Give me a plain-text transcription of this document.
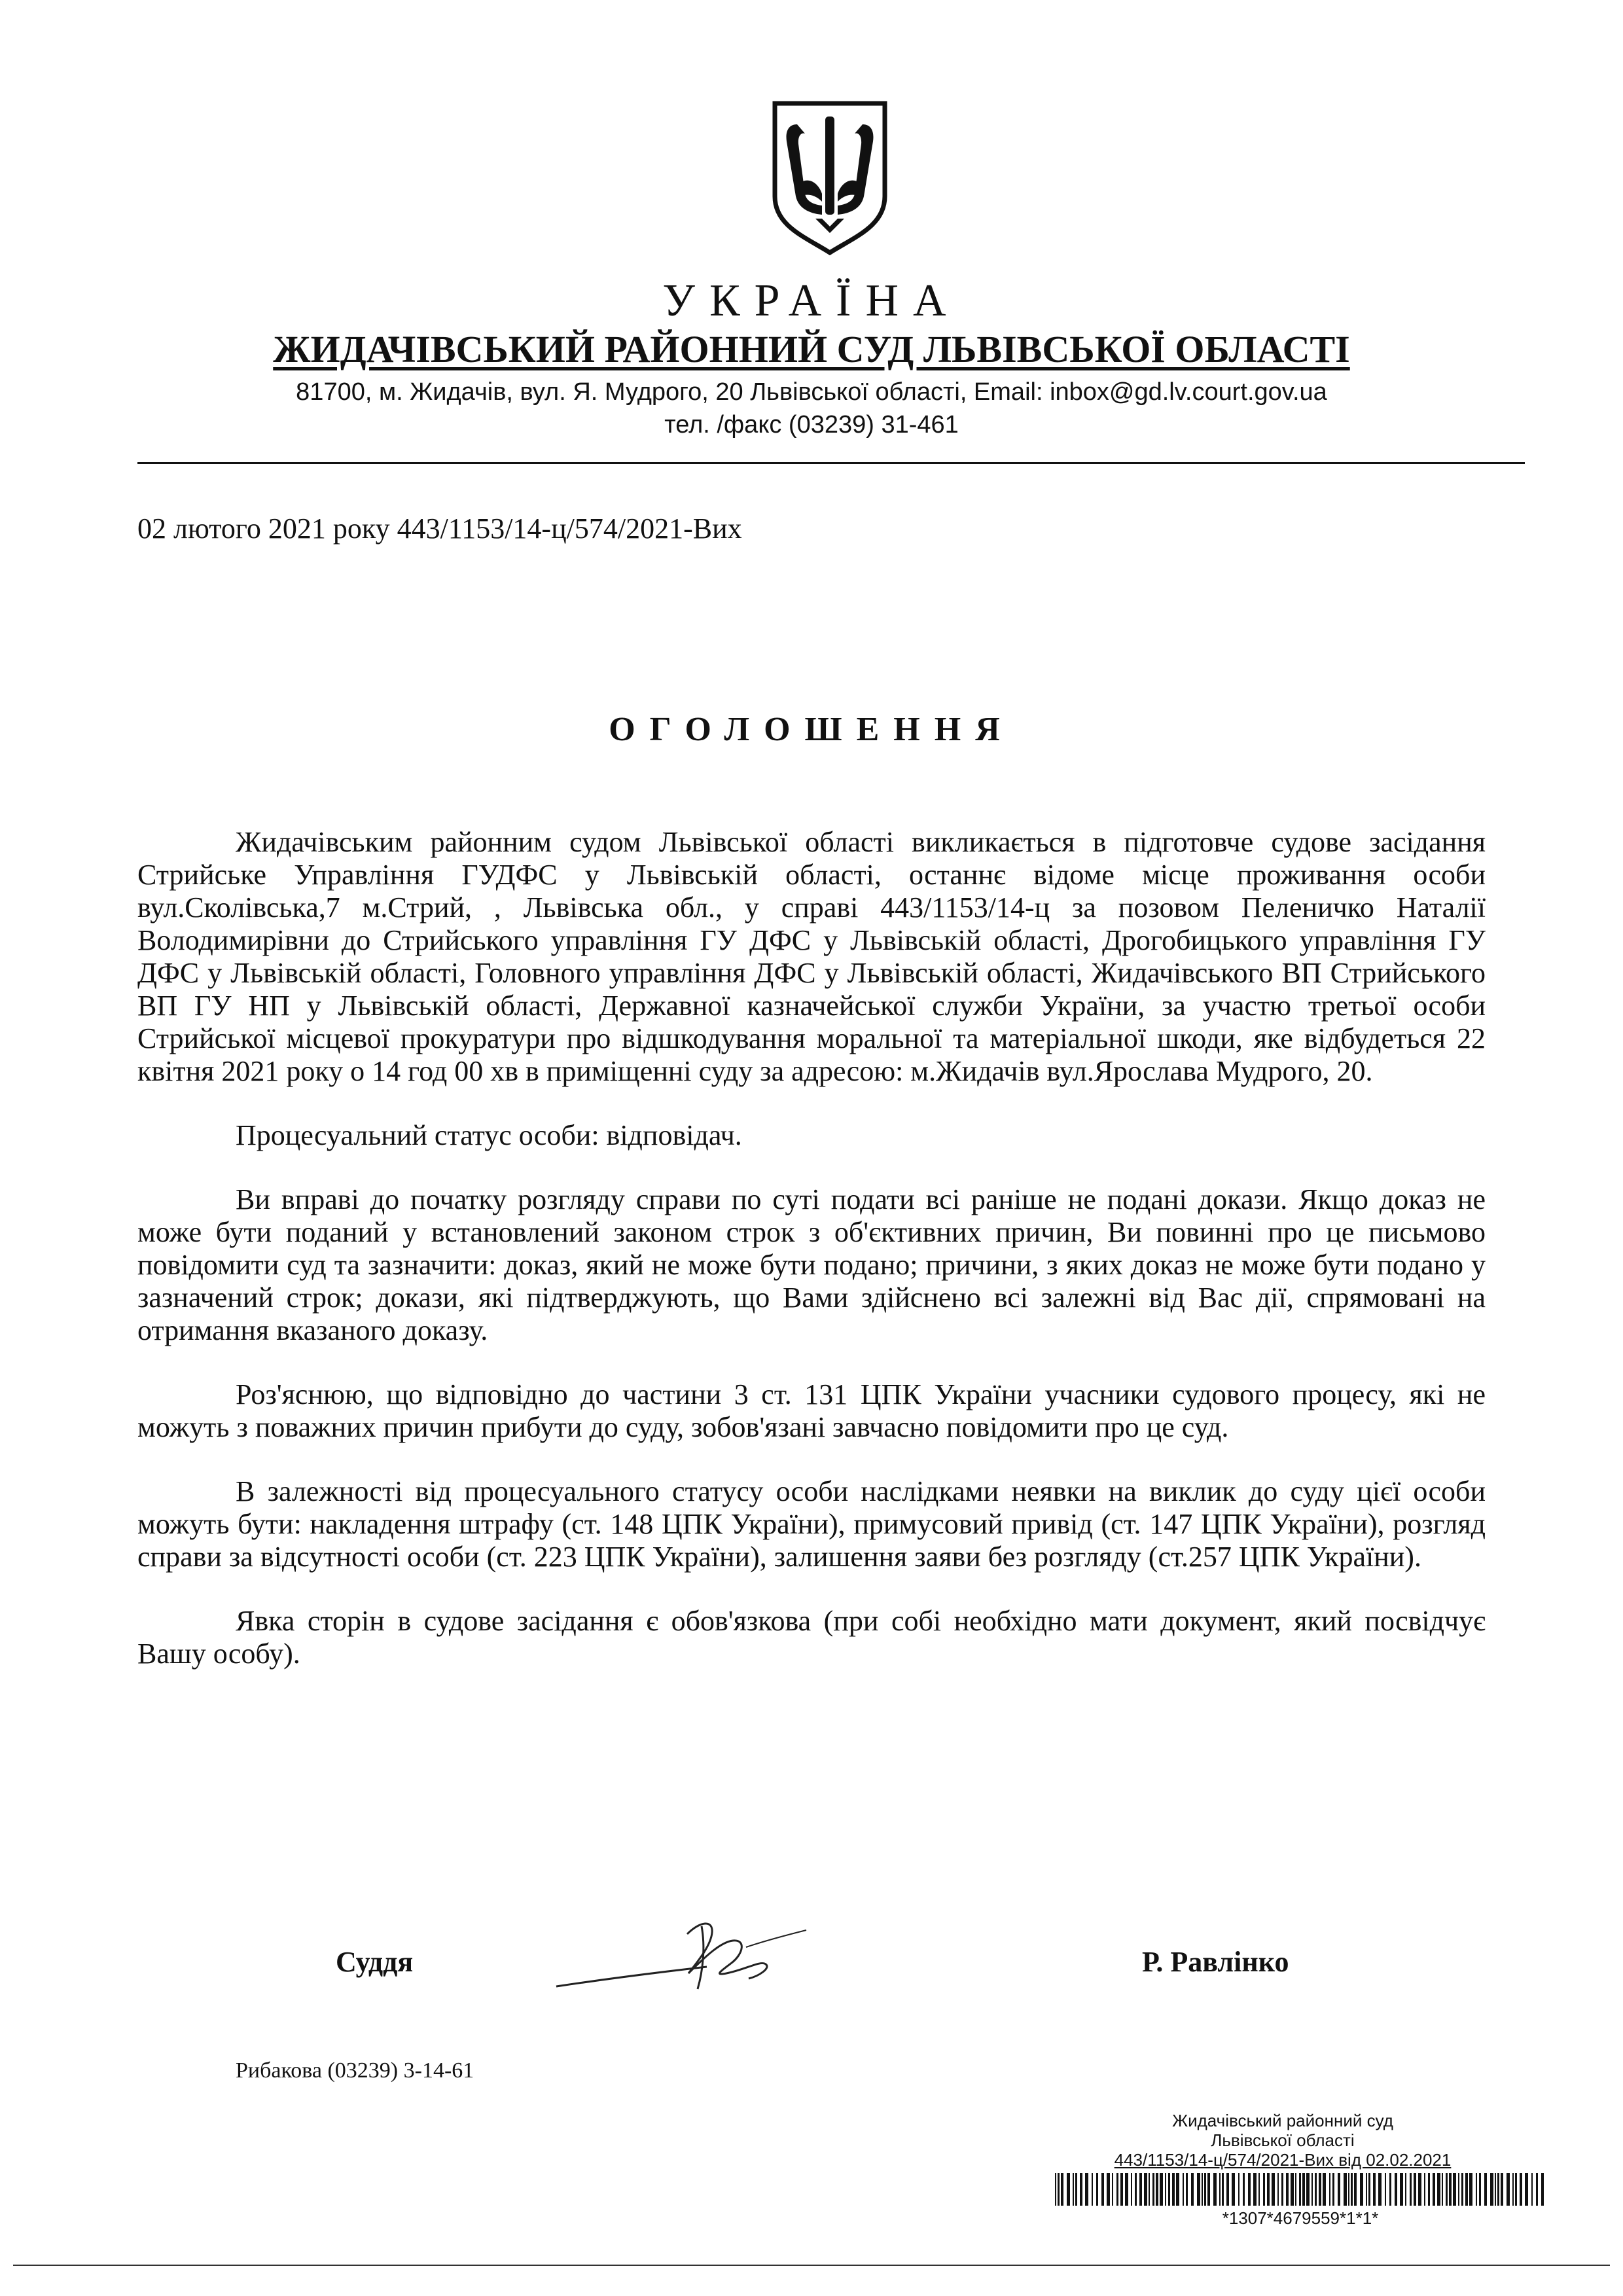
УКРАЇНА
ЖИДАЧІВСЬКИЙ РАЙОННИЙ СУД ЛЬВІВСЬКОЇ ОБЛАСТІ
81700, м. Жидачів, вул. Я. Мудрого, 20 Львівської області, Email: inbox@gd.lv.court.gov.ua
тел. /факс (03239) 31-461
02 лютого 2021 року 443/1153/14-ц/574/2021-Вих
ОГОЛОШЕННЯ

Жидачівським районним судом Львівської області викликається в підготовче судове засідання Стрийське Управління ГУДФС у Львівській області, останнє відоме місце проживання особи вул.Сколівська,7 м.Стрий, , Львівська обл., у справі 443/1153/14-ц за позовом Пеленичко Наталії Володимирівни до Стрийського управління ГУ ДФС у Львівській області, Дрогобицького управління ГУ ДФС у Львівській області, Головного управління ДФС у Львівській області, Жидачівського ВП Стрийського ВП ГУ НП у Львівській області, Державної казначейської служби України, за участю третьої особи Стрийської місцевої прокуратури про відшкодування моральної та матеріальної шкоди, яке відбудеться 22 квітня 2021 року о 14 год 00 хв в приміщенні суду за адресою: м.Жидачів вул.Ярослава Мудрого, 20.

Процесуальний статус особи: відповідач.

Ви вправі до початку розгляду справи по суті подати всі раніше не подані докази. Якщо доказ не може бути поданий у встановлений законом строк з об'єктивних причин, Ви повинні про це письмово повідомити суд та зазначити: доказ, який не може бути подано; причини, з яких доказ не може бути подано у зазначений строк; докази, які підтверджують, що Вами здійснено всі залежні від Вас дії, спрямовані на отримання вказаного доказу.

Роз'яснюю, що відповідно до частини 3 ст. 131 ЦПК України учасники судового процесу, які не можуть з поважних причин прибути до суду, зобов'язані завчасно повідомити про це суд.

В залежності від процесуального статусу особи наслідками неявки на виклик до суду цієї особи можуть бути: накладення штрафу (ст. 148 ЦПК України), примусовий привід (ст. 147 ЦПК України), розгляд справи за відсутності особи (ст. 223 ЦПК України), залишення заяви без розгляду (ст.257 ЦПК України).

Явка сторін в судове засідання є обов'язкова (при собі необхідно мати документ, який посвідчує Вашу особу).

Суддя	Р. Равлінко
Рибакова (03239) 3-14-61
Жидачівський районний суд
Львівської області
443/1153/14-ц/574/2021-Вих від 02.02.2021
*1307*4679559*1*1*
